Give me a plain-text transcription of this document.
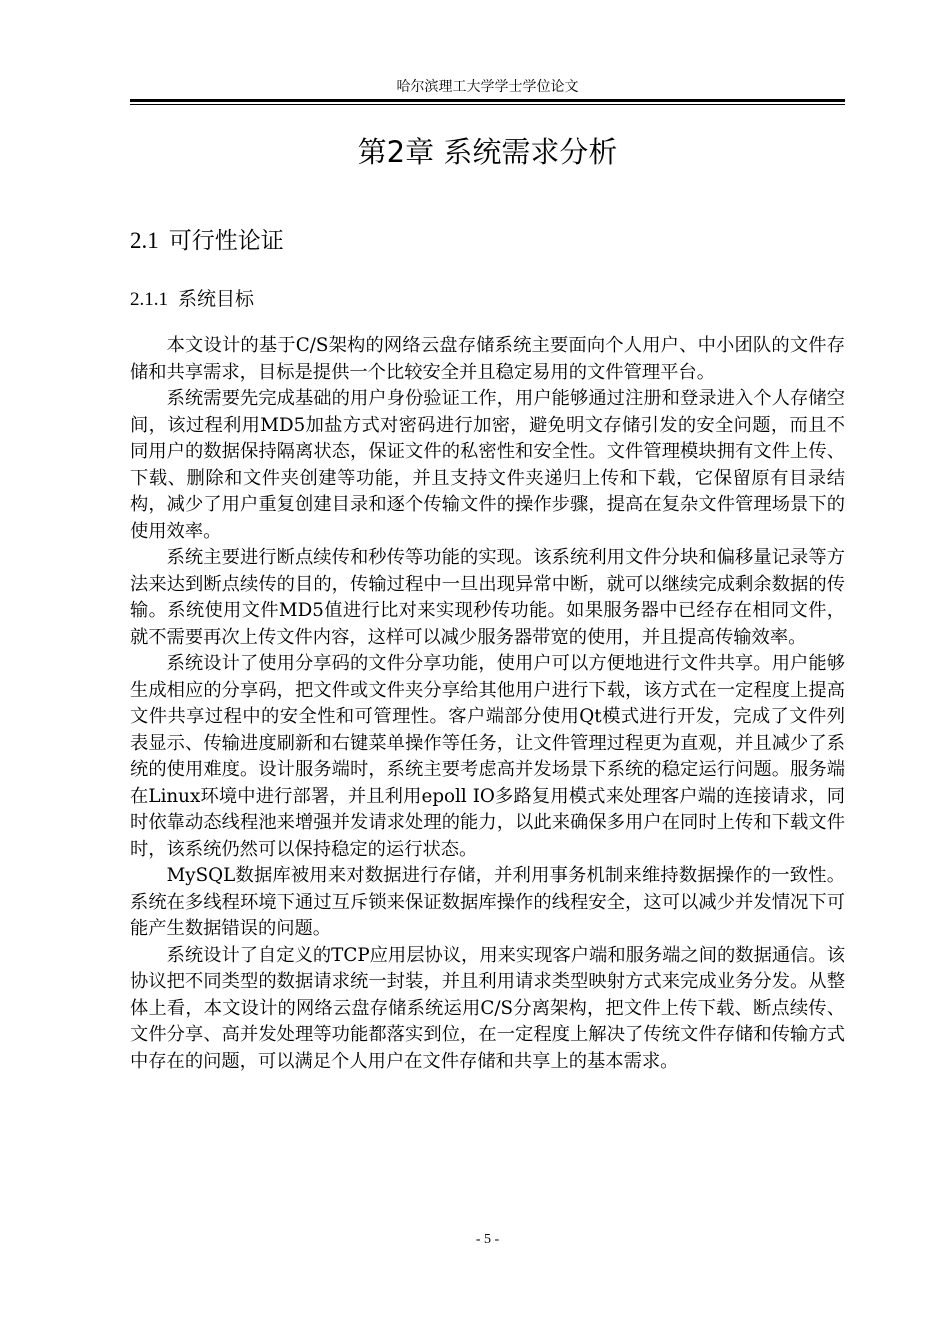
哈尔滨理工大学学士学位论文
第2章 系统需求分析
2.1 可行性论证
2.1.1 系统目标

本文设计的基于C/S架构的网络云盘存储系统主要面向个人用户、中小团队的文件存储和共享需求，目标是提供一个比较安全并且稳定易用的文件管理平台。

系统需要先完成基础的用户身份验证工作，用户能够通过注册和登录进入个人存储空间，该过程利用MD5加盐方式对密码进行加密，避免明文存储引发的安全问题，而且不同用户的数据保持隔离状态，保证文件的私密性和安全性。文件管理模块拥有文件上传、下载、删除和文件夹创建等功能，并且支持文件夹递归上传和下载，它保留原有目录结构，减少了用户重复创建目录和逐个传输文件的操作步骤，提高在复杂文件管理场景下的使用效率。

系统主要进行断点续传和秒传等功能的实现。该系统利用文件分块和偏移量记录等方法来达到断点续传的目的，传输过程中一旦出现异常中断，就可以继续完成剩余数据的传输。系统使用文件MD5值进行比对来实现秒传功能。如果服务器中已经存在相同文件，就不需要再次上传文件内容，这样可以减少服务器带宽的使用，并且提高传输效率。

系统设计了使用分享码的文件分享功能，使用户可以方便地进行文件共享。用户能够生成相应的分享码，把文件或文件夹分享给其他用户进行下载，该方式在一定程度上提高文件共享过程中的安全性和可管理性。客户端部分使用Qt模式进行开发，完成了文件列表显示、传输进度刷新和右键菜单操作等任务，让文件管理过程更为直观，并且减少了系统的使用难度。设计服务端时，系统主要考虑高并发场景下系统的稳定运行问题。服务端在Linux环境中进行部署，并且利用epoll IO多路复用模式来处理客户端的连接请求，同时依靠动态线程池来增强并发请求处理的能力，以此来确保多用户在同时上传和下载文件时，该系统仍然可以保持稳定的运行状态。

MySQL数据库被用来对数据进行存储，并利用事务机制来维持数据操作的一致性。系统在多线程环境下通过互斥锁来保证数据库操作的线程安全，这可以减少并发情况下可能产生数据错误的问题。

系统设计了自定义的TCP应用层协议，用来实现客户端和服务端之间的数据通信。该协议把不同类型的数据请求统一封装，并且利用请求类型映射方式来完成业务分发。从整体上看，本文设计的网络云盘存储系统运用C/S分离架构，把文件上传下载、断点续传、文件分享、高并发处理等功能都落实到位，在一定程度上解决了传统文件存储和传输方式中存在的问题，可以满足个人用户在文件存储和共享上的基本需求。

- 5 -
